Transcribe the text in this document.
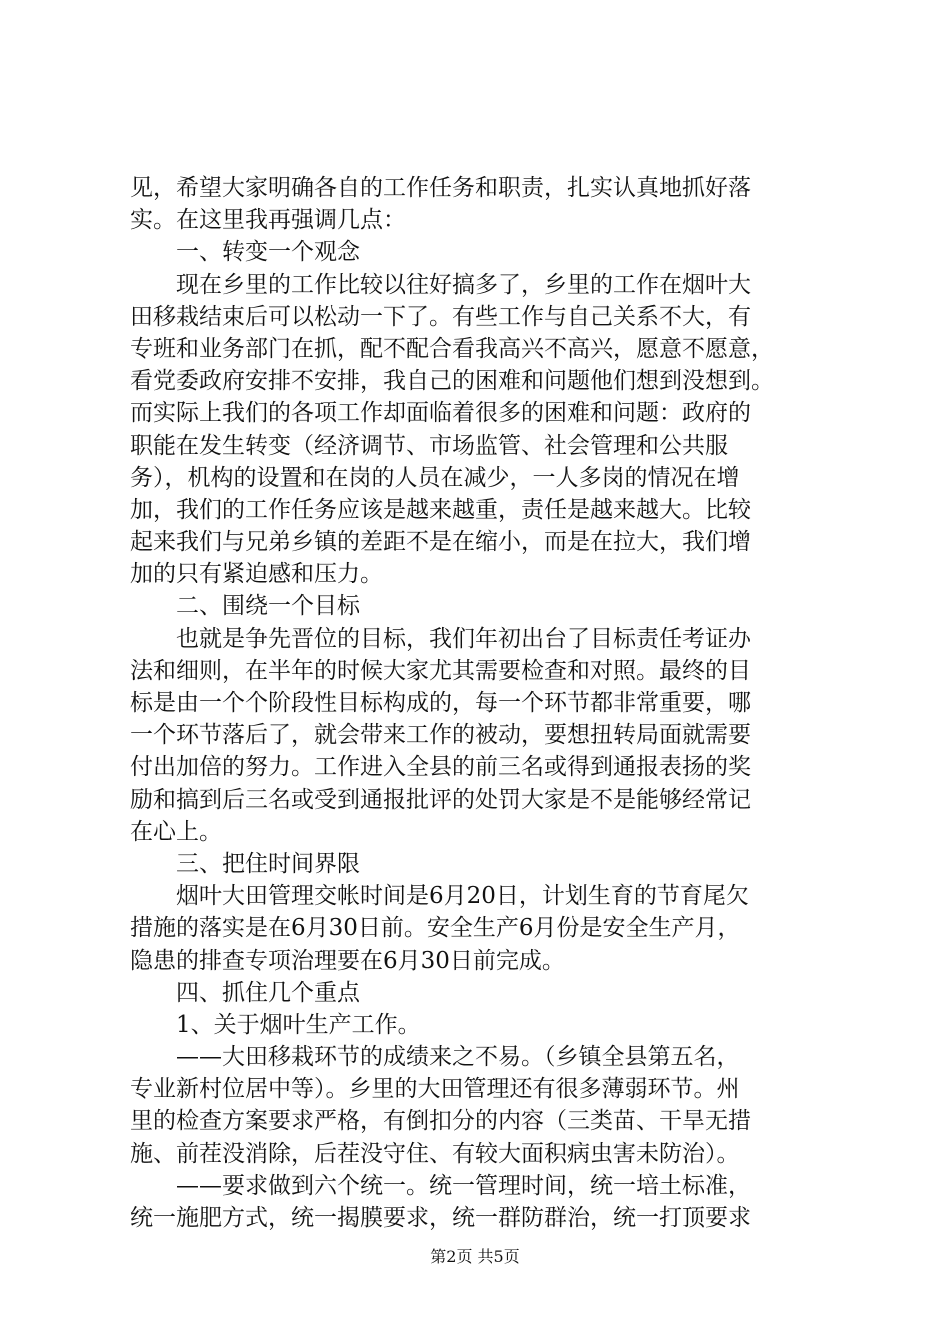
见，希望大家明确各自的工作任务和职责，扎实认真地抓好落
实。在这里我再强调几点：
一、转变一个观念
现在乡里的工作比较以往好搞多了，乡里的工作在烟叶大
田移栽结束后可以松动一下了。有些工作与自己关系不大，有
专班和业务部门在抓，配不配合看我高兴不高兴，愿意不愿意，
看党委政府安排不安排，我自己的困难和问题他们想到没想到。
而实际上我们的各项工作却面临着很多的困难和问题：政府的
职能在发生转变（经济调节、市场监管、社会管理和公共服
务），机构的设置和在岗的人员在减少，一人多岗的情况在增
加，我们的工作任务应该是越来越重，责任是越来越大。比较
起来我们与兄弟乡镇的差距不是在缩小，而是在拉大，我们增
加的只有紧迫感和压力。
二、围绕一个目标
也就是争先晋位的目标，我们年初出台了目标责任考证办
法和细则，在半年的时候大家尤其需要检查和对照。最终的目
标是由一个个阶段性目标构成的，每一个环节都非常重要，哪
一个环节落后了，就会带来工作的被动，要想扭转局面就需要
付出加倍的努力。工作进入全县的前三名或得到通报表扬的奖
励和搞到后三名或受到通报批评的处罚大家是不是能够经常记
在心上。
三、把住时间界限
烟叶大田管理交帐时间是6月20日，计划生育的节育尾欠
措施的落实是在6月30日前。安全生产6月份是安全生产月，
隐患的排查专项治理要在6月30日前完成。
四、抓住几个重点
1、关于烟叶生产工作。
——大田移栽环节的成绩来之不易。（乡镇全县第五名，
专业新村位居中等）。乡里的大田管理还有很多薄弱环节。州
里的检查方案要求严格，有倒扣分的内容（三类苗、干旱无措
施、前茬没消除，后茬没守住、有较大面积病虫害未防治）。
——要求做到六个统一。统一管理时间，统一培土标准，
统一施肥方式，统一揭膜要求，统一群防群治，统一打顶要求
第2页 共5页
